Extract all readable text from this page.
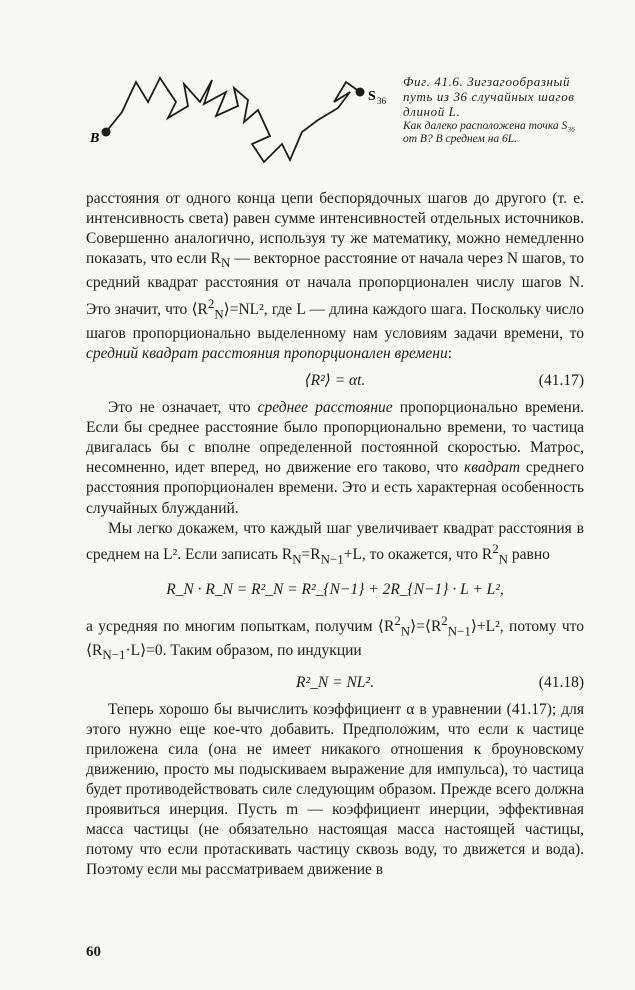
B
S 36
Фиг. 41.6. Зигзагообразный путь из 36 случайных шагов длиной L.
Как далеко расположена точка S₃₆ от B? В среднем на 6L.

расстояния от одного конца цепи беспорядочных шагов до другого (т. е. интенсивность света) равен сумме интенсивностей отдельных источников. Совершенно аналогично, используя ту же математику, можно немедленно показать, что если $R_N$ — векторное расстояние от начала через N шагов, то средний квадрат расстояния от начала пропорционален числу шагов N. Это значит, что $⟨R^2_N⟩=NL^2$, где L — длина каждого шага. Поскольку число шагов пропорционально выделенному нам условиям задачи времени, то средний квадрат расстояния пропорционален времени:

⟨R²⟩ = αt.	(41.17)

Это не означает, что среднее расстояние пропорционально времени. Если бы среднее расстояние было пропорционально времени, то частица двигалась бы с вполне определенной постоянной скоростью. Матрос, несомненно, идет вперед, но движение его таково, что квадрат среднего расстояния пропорционален времени. Это и есть характерная особенность случайных блужданий.

Мы легко докажем, что каждый шаг увеличивает квадрат расстояния в среднем на L². Если записать $R_N=R_{N-1}+L$, то окажется, что $R^2_N$ равно

R_N · R_N = R²_N = R²_{N−1} + 2R_{N−1} · L + L²,

а усредняя по многим попыткам, получим $⟨R^2_N⟩=⟨R^2_{N-1}⟩+L^2$, потому что $⟨R_{N-1}\cdot L⟩=0$. Таким образом, по индукции

R²_N = NL².	(41.18)

Теперь хорошо бы вычислить коэффициент α в уравнении (41.17); для этого нужно еще кое-что добавить. Предположим, что если к частице приложена сила (она не имеет никакого отношения к броуновскому движению, просто мы подыскиваем выражение для импульса), то частица будет противодействовать силе следующим образом. Прежде всего должна проявиться инерция. Пусть m — коэффициент инерции, эффективная масса частицы (не обязательно настоящая масса настоящей частицы, потому что если протаскивать частицу сквозь воду, то движется и вода). Поэтому если мы рассматриваем движение в

60
